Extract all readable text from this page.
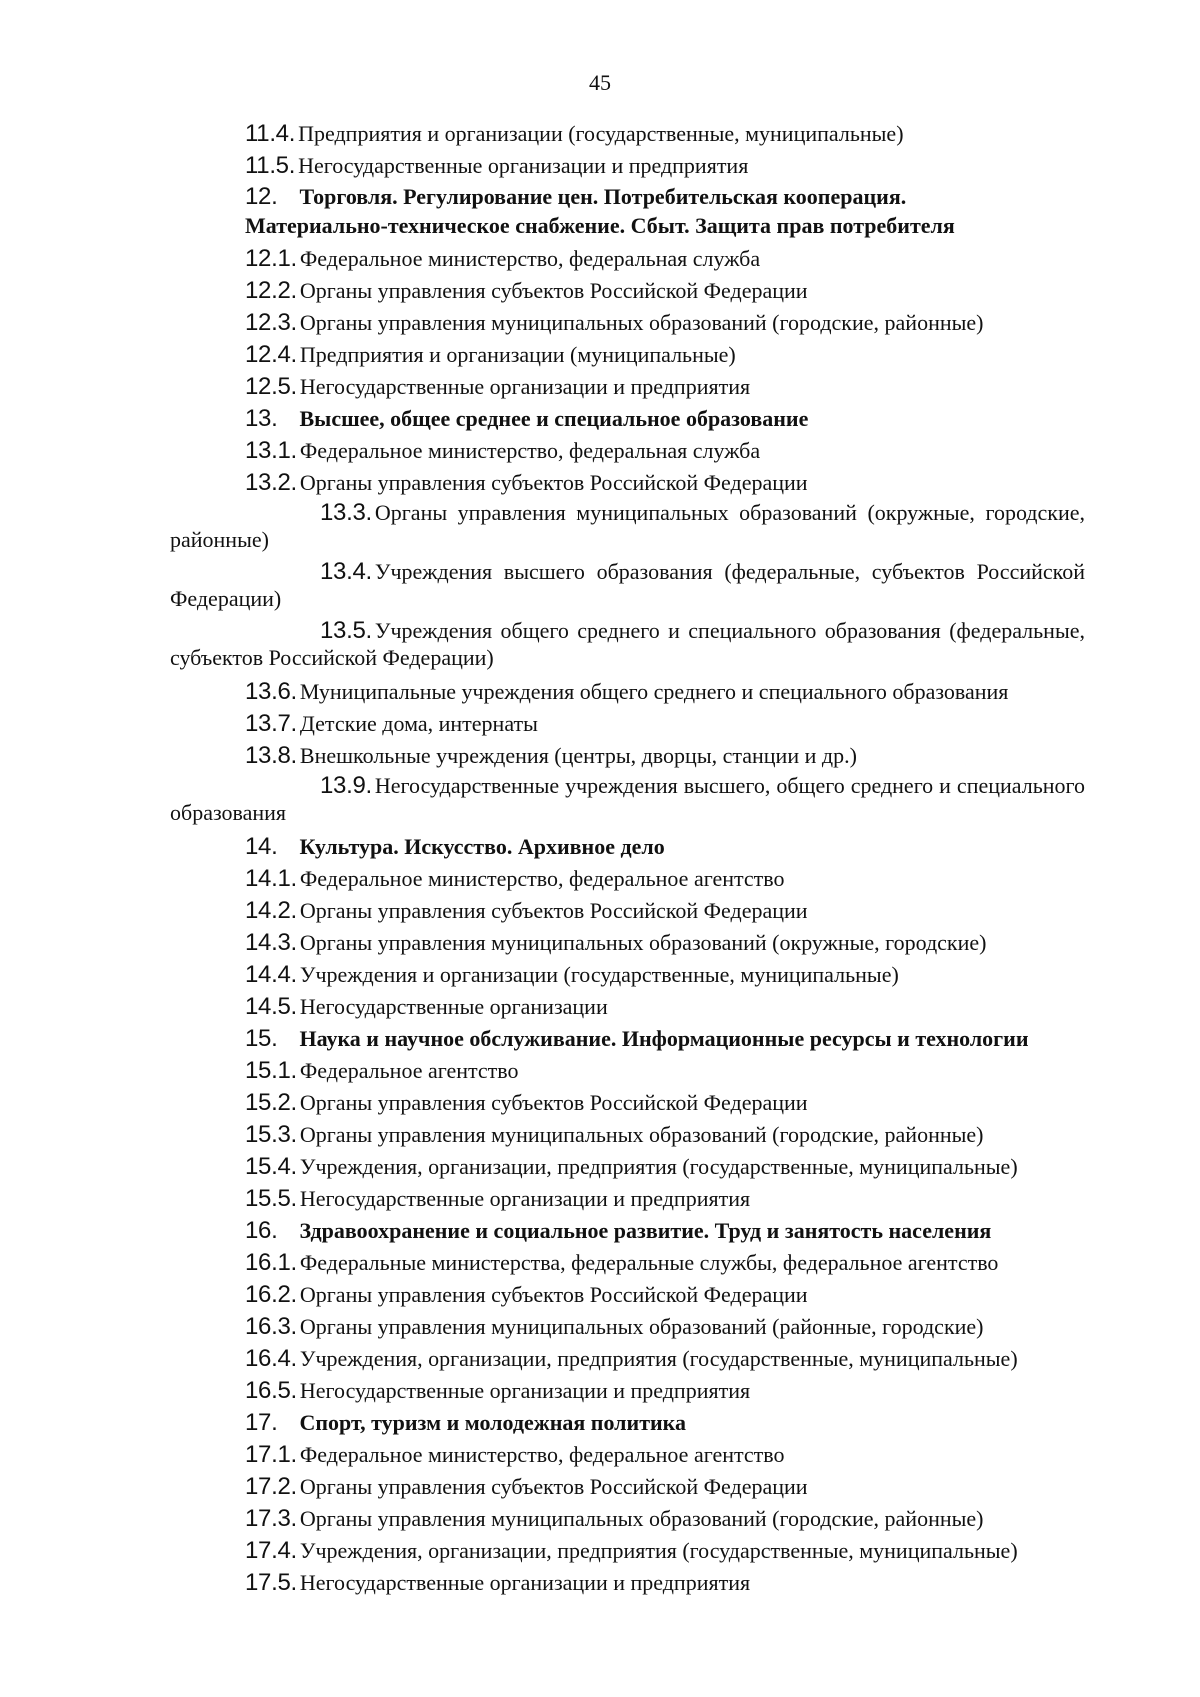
45
11.4. Предприятия и организации (государственные, муниципальные)
11.5. Негосударственные организации и предприятия
12. Торговля. Регулирование цен. Потребительская кооперация.
Материально-техническое снабжение. Сбыт. Защита прав потребителя
12.1. Федеральное министерство, федеральная служба
12.2. Органы управления субъектов Российской Федерации
12.3. Органы управления муниципальных образований (городские, районные)
12.4. Предприятия и организации (муниципальные)
12.5. Негосударственные организации и предприятия
13. Высшее, общее среднее и специальное образование
13.1. Федеральное министерство, федеральная служба
13.2. Органы управления субъектов Российской Федерации
13.3. Органы управления муниципальных образований (окружные, городские, районные)
13.4. Учреждения высшего образования (федеральные, субъектов Российской Федерации)
13.5. Учреждения общего среднего и специального образования (федеральные, субъектов Российской Федерации)
13.6. Муниципальные учреждения общего среднего и специального образования
13.7. Детские дома, интернаты
13.8. Внешкольные учреждения (центры, дворцы, станции и др.)
13.9. Негосударственные учреждения высшего, общего среднего и специального образования
14. Культура. Искусство. Архивное дело
14.1. Федеральное министерство, федеральное агентство
14.2. Органы управления субъектов Российской Федерации
14.3. Органы управления муниципальных образований (окружные, городские)
14.4. Учреждения и организации (государственные, муниципальные)
14.5. Негосударственные организации
15. Наука и научное обслуживание. Информационные ресурсы и технологии
15.1. Федеральное агентство
15.2. Органы управления субъектов Российской Федерации
15.3. Органы управления муниципальных образований (городские, районные)
15.4. Учреждения, организации, предприятия (государственные, муниципальные)
15.5. Негосударственные организации и предприятия
16. Здравоохранение и социальное развитие. Труд и занятость населения
16.1. Федеральные министерства, федеральные службы, федеральное агентство
16.2. Органы управления субъектов Российской Федерации
16.3. Органы управления муниципальных образований (районные, городские)
16.4. Учреждения, организации, предприятия (государственные, муниципальные)
16.5. Негосударственные организации и предприятия
17. Спорт, туризм и молодежная политика
17.1. Федеральное министерство, федеральное агентство
17.2. Органы управления субъектов Российской Федерации
17.3. Органы управления муниципальных образований (городские, районные)
17.4. Учреждения, организации, предприятия (государственные, муниципальные)
17.5. Негосударственные организации и предприятия
